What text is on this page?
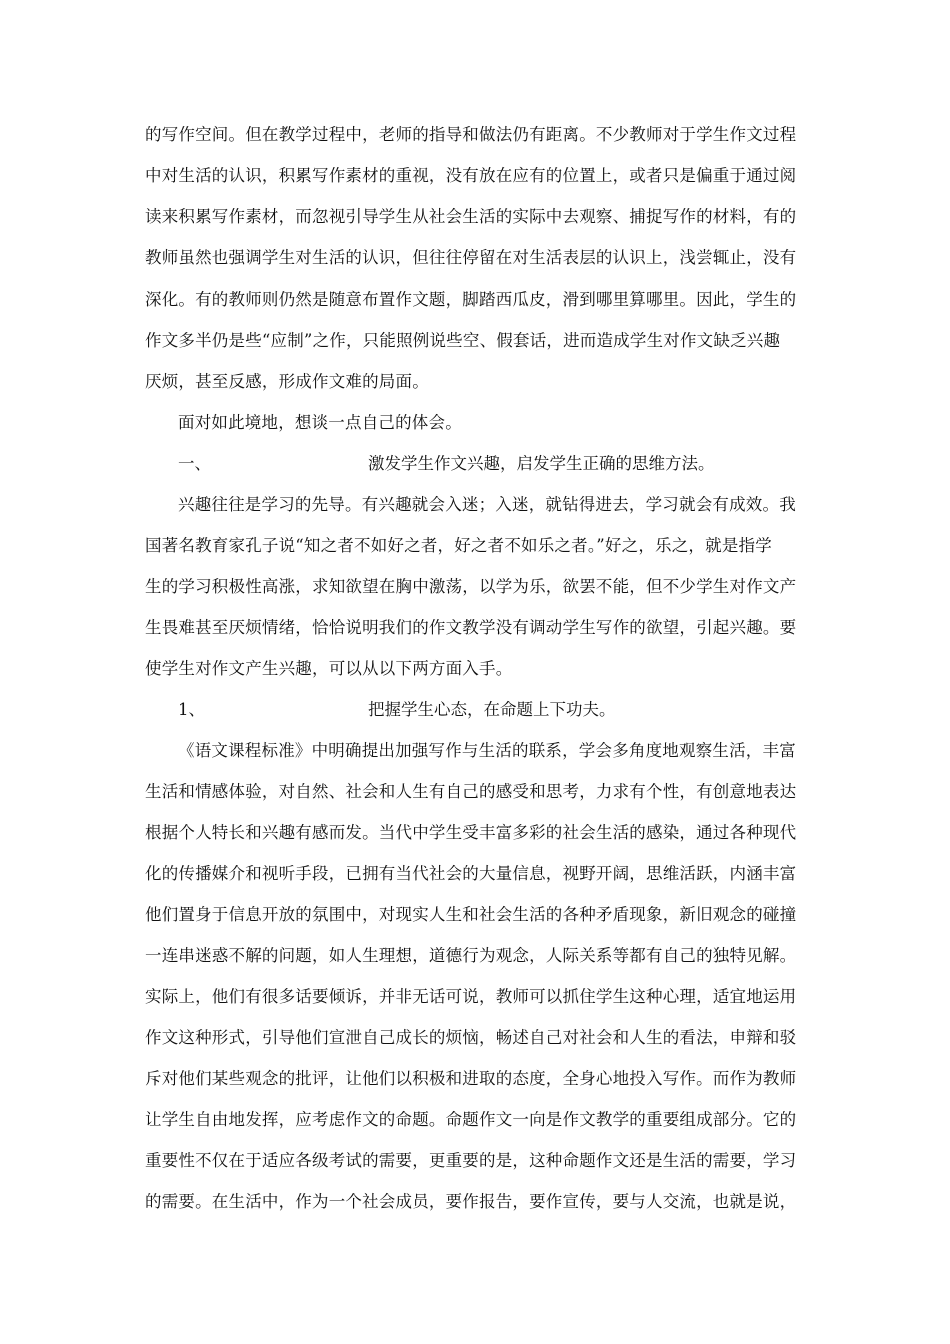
的写作空间。但在教学过程中，老师的指导和做法仍有距离。不少教师对于学生作文过程
中对生活的认识，积累写作素材的重视，没有放在应有的位置上，或者只是偏重于通过阅
读来积累写作素材，而忽视引导学生从社会生活的实际中去观察、捕捉写作的材料，有的
教师虽然也强调学生对生活的认识，但往往停留在对生活表层的认识上，浅尝辄止，没有
深化。有的教师则仍然是随意布置作文题，脚踏西瓜皮，滑到哪里算哪里。因此，学生的
作文多半仍是些“应制”之作，只能照例说些空、假套话，进而造成学生对作文缺乏兴趣
厌烦，甚至反感，形成作文难的局面。
面对如此境地，想谈一点自己的体会。
一、	激发学生作文兴趣，启发学生正确的思维方法。
兴趣往往是学习的先导。有兴趣就会入迷；入迷，就钻得进去，学习就会有成效。我
国著名教育家孔子说“知之者不如好之者，好之者不如乐之者。”好之，乐之，就是指学
生的学习积极性高涨，求知欲望在胸中激荡，以学为乐，欲罢不能，但不少学生对作文产
生畏难甚至厌烦情绪，恰恰说明我们的作文教学没有调动学生写作的欲望，引起兴趣。要
使学生对作文产生兴趣，可以从以下两方面入手。
1、	把握学生心态，在命题上下功夫。
《语文课程标准》中明确提出加强写作与生活的联系，学会多角度地观察生活，丰富
生活和情感体验，对自然、社会和人生有自己的感受和思考，力求有个性，有创意地表达
根据个人特长和兴趣有感而发。当代中学生受丰富多彩的社会生活的感染，通过各种现代
化的传播媒介和视听手段，已拥有当代社会的大量信息，视野开阔，思维活跃，内涵丰富
他们置身于信息开放的氛围中，对现实人生和社会生活的各种矛盾现象，新旧观念的碰撞
一连串迷惑不解的问题，如人生理想，道德行为观念，人际关系等都有自己的独特见解。
实际上，他们有很多话要倾诉，并非无话可说，教师可以抓住学生这种心理，适宜地运用
作文这种形式，引导他们宣泄自己成长的烦恼，畅述自己对社会和人生的看法，申辩和驳
斥对他们某些观念的批评，让他们以积极和进取的态度，全身心地投入写作。而作为教师
让学生自由地发挥，应考虑作文的命题。命题作文一向是作文教学的重要组成部分。它的
重要性不仅在于适应各级考试的需要，更重要的是，这种命题作文还是生活的需要，学习
的需要。在生活中，作为一个社会成员，要作报告，要作宣传，要与人交流，也就是说，
